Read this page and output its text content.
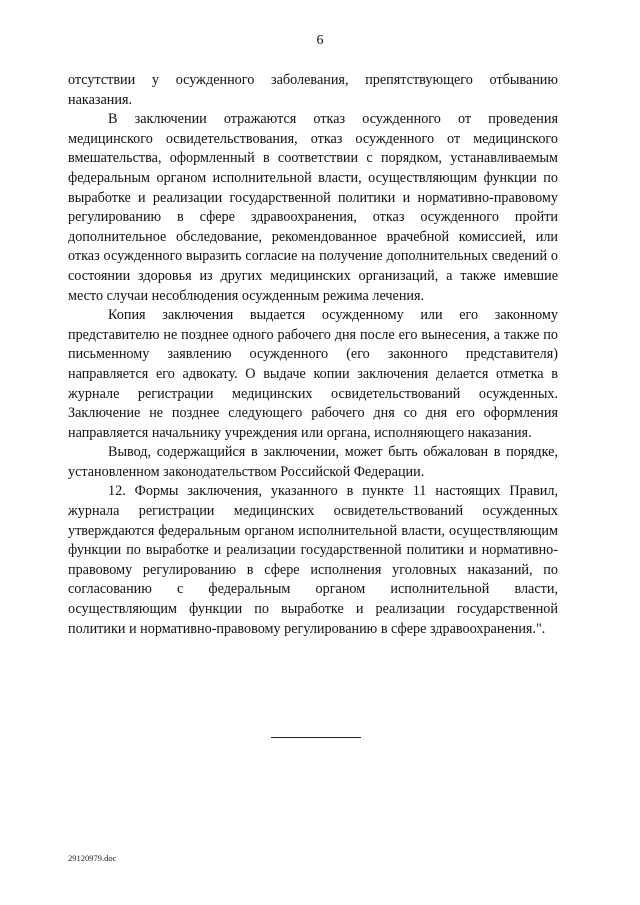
6

отсутствии у осужденного заболевания, препятствующего отбыванию наказания.

В заключении отражаются отказ осужденного от проведения медицинского освидетельствования, отказ осужденного от медицинского вмешательства, оформленный в соответствии с порядком, устанавливаемым федеральным органом исполнительной власти, осуществляющим функции по выработке и реализации государственной политики и нормативно-правовому регулированию в сфере здравоохранения, отказ осужденного пройти дополнительное обследование, рекомендованное врачебной комиссией, или отказ осужденного выразить согласие на получение дополнительных сведений о состоянии здоровья из других медицинских организаций, а также имевшие место случаи несоблюдения осужденным режима лечения.

Копия заключения выдается осужденному или его законному представителю не позднее одного рабочего дня после его вынесения, а также по письменному заявлению осужденного (его законного представителя) направляется его адвокату. О выдаче копии заключения делается отметка в журнале регистрации медицинских освидетельствований осужденных. Заключение не позднее следующего рабочего дня со дня его оформления направляется начальнику учреждения или органа, исполняющего наказания.

Вывод, содержащийся в заключении, может быть обжалован в порядке, установленном законодательством Российской Федерации.

12. Формы заключения, указанного в пункте 11 настоящих Правил, журнала регистрации медицинских освидетельствований осужденных утверждаются федеральным органом исполнительной власти, осуществляющим функции по выработке и реализации государственной политики и нормативно-правовому регулированию в сфере исполнения уголовных наказаний, по согласованию с федеральным органом исполнительной власти, осуществляющим функции по выработке и реализации государственной политики и нормативно-правовому регулированию в сфере здравоохранения.".

29120979.doc
